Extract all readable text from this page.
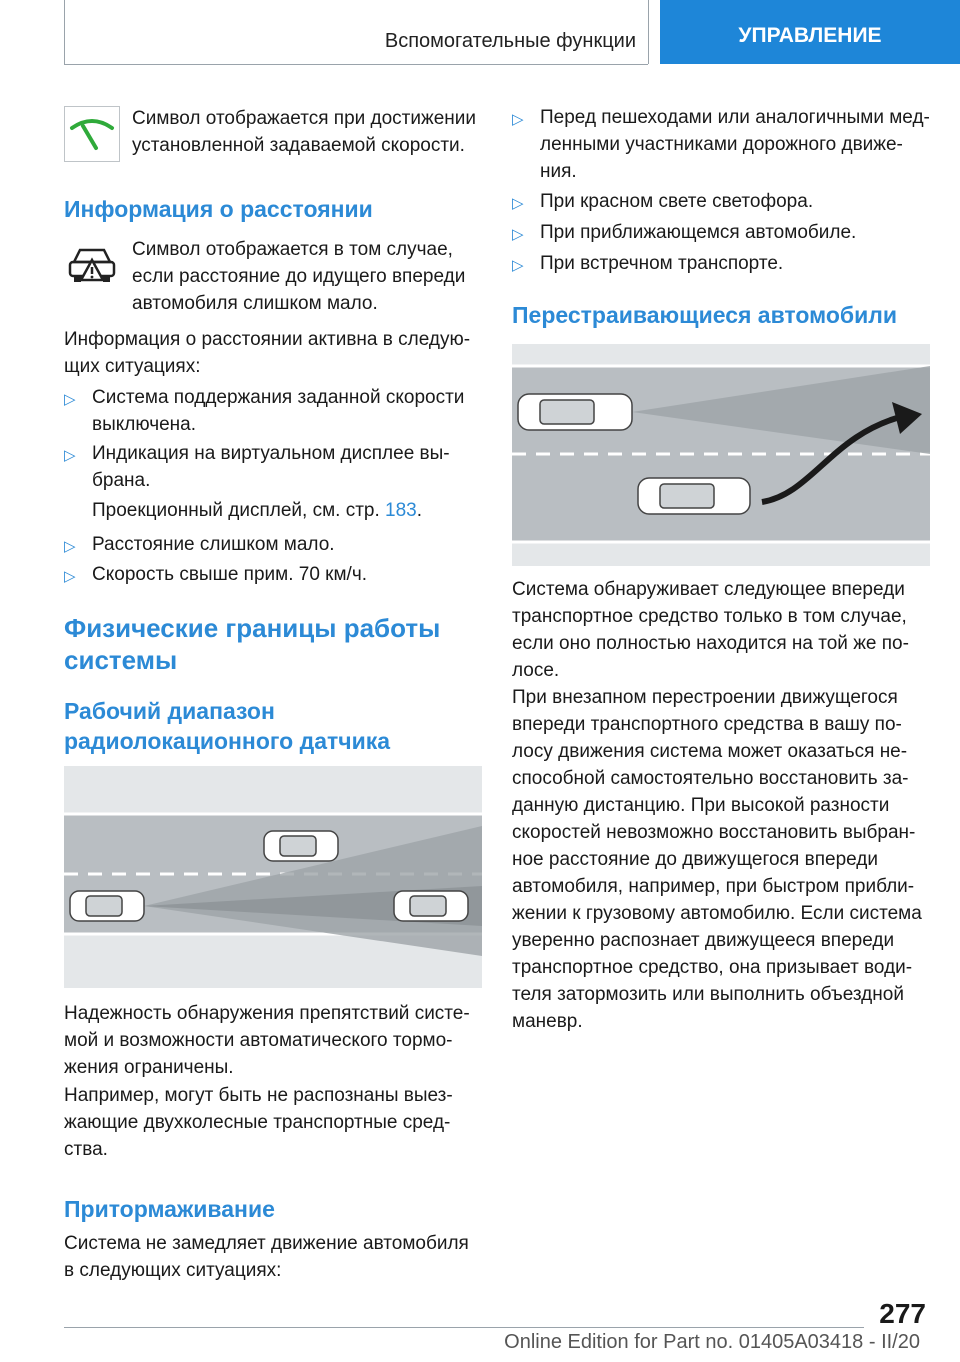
Вспомогательные функции	УПРАВЛЕНИЕ

Символ отображается при достижении
установленной задаваемой скорости.

Информация о расстоянии

Символ отображается в том случае,
если расстояние до идущего впереди
автомобиля слишком мало.

Информация о расстоянии активна в следую-
щих ситуациях:

▷ Система поддержания заданной скорости
выключена.

▷ Индикация на виртуальном дисплее вы-
брана.

Проекционный дисплей, см. стр. 183.

▷ Расстояние слишком мало.

▷ Скорость свыше прим. 70 км/ч.

Физические границы работы
системы
Рабочий диапазон
радиолокационного датчика

Надежность обнаружения препятствий систе-
мой и возможности автоматического тормо-
жения ограничены.

Например, могут быть не распознаны выез-
жающие двухколесные транспортные сред-
ства.

Притормаживание

Система не замедляет движение автомобиля
в следующих ситуациях:

▷ Перед пешеходами или аналогичными мед-
ленными участниками дорожного движе-
ния.

▷ При красном свете светофора.

▷ При приближающемся автомобиле.

▷ При встречном транспорте.

Перестраивающиеся автомобили

Система обнаруживает следующее впереди
транспортное средство только в том случае,
если оно полностью находится на той же по-
лосе.

При внезапном перестроении движущегося
впереди транспортного средства в вашу по-
лосу движения система может оказаться не-
способной самостоятельно восстановить за-
данную дистанцию. При высокой разности
скоростей невозможно восстановить выбран-
ное расстояние до движущегося впереди
автомобиля, например, при быстром прибли-
жении к грузовому автомобилю. Если система
уверенно распознает движущееся впереди
транспортное средство, она призывает води-
теля затормозить или выполнить объездной
маневр.

277
Online Edition for Part no. 01405A03418 - II/20
